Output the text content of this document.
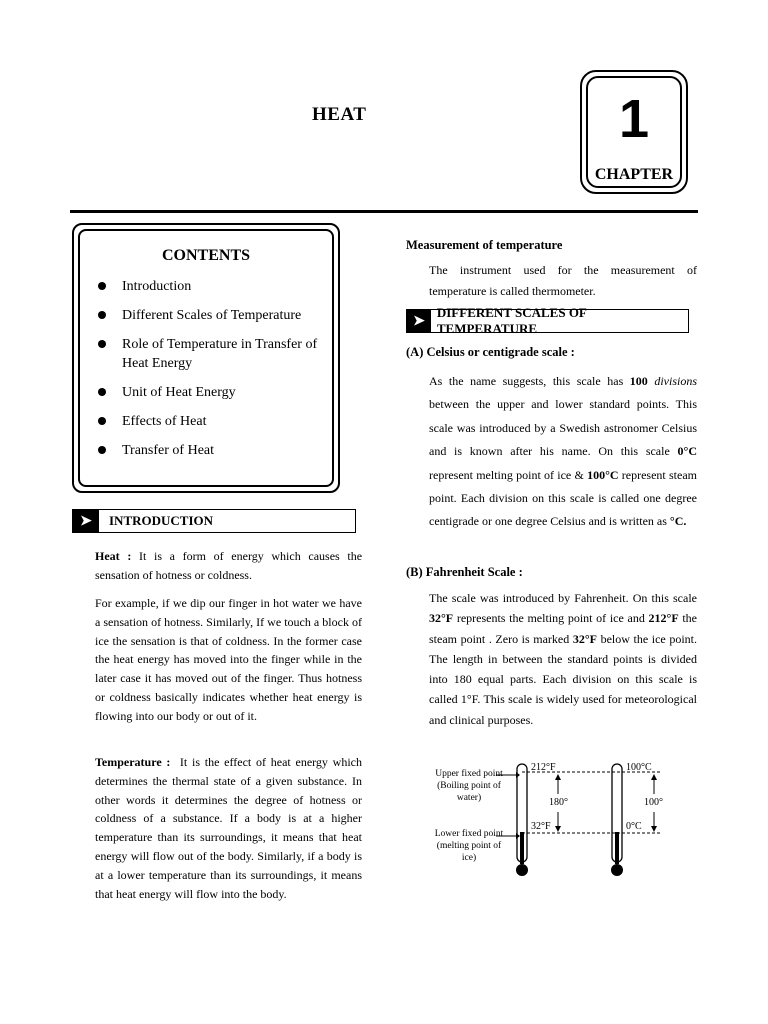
HEAT	1
CHAPTER
CONTENTS
Introduction
Different Scales of Temperature
Role of Temperature in Transfer of Heat Energy
Unit of Heat Energy
Effects of Heat
Transfer of Heat
➤	INTRODUCTION

Heat : It is a form of energy which causes the sensation of hotness or coldness.

For example, if we dip our finger in hot water we have a sensation of hotness. Similarly, If we touch a block of ice the sensation is that of coldness. In the former case the heat energy has moved into the finger while in the later case it has moved out of the finger. Thus hotness or coldness basically indicates whether heat energy is flowing into our body or out of it.

Temperature : It is the effect of heat energy which determines the thermal state of a given substance. In other words it determines the degree of hotness or coldness of a substance. If a body is at a higher temperature than its surroundings, it means that heat energy will flow out of the body. Similarly, if a body is at a lower temperature than its surroundings, it means that heat energy will flow into the body.

Measurement of temperature

The instrument used for the measurement of temperature is called thermometer.

➤
DIFFERENT SCALES OF TEMPERATURE
(A) Celsius or centigrade scale :

As the name suggests, this scale has 100 divisions between the upper and lower standard points. This scale was introduced by a Swedish astronomer Celsius and is known after his name. On this scale 0°C represent melting point of ice & 100°C represent steam point. Each division on this scale is called one degree centigrade or one degree Celsius and is written as °C.

(B) Fahrenheit Scale :

The scale was introduced by Fahrenheit. On this scale 32°F represents the melting point of ice and 212°F the steam point . Zero is marked 32°F below the ice point. The length in between the standard points is divided into 180 equal parts. Each division on this scale is called 1°F. This scale is widely used for meteorological and clinical purposes.

Upper fixed point (Boiling point of water)
Lower fixed point (melting point of ice)
212°F
32°F
180°
100°C
0°C
100°
